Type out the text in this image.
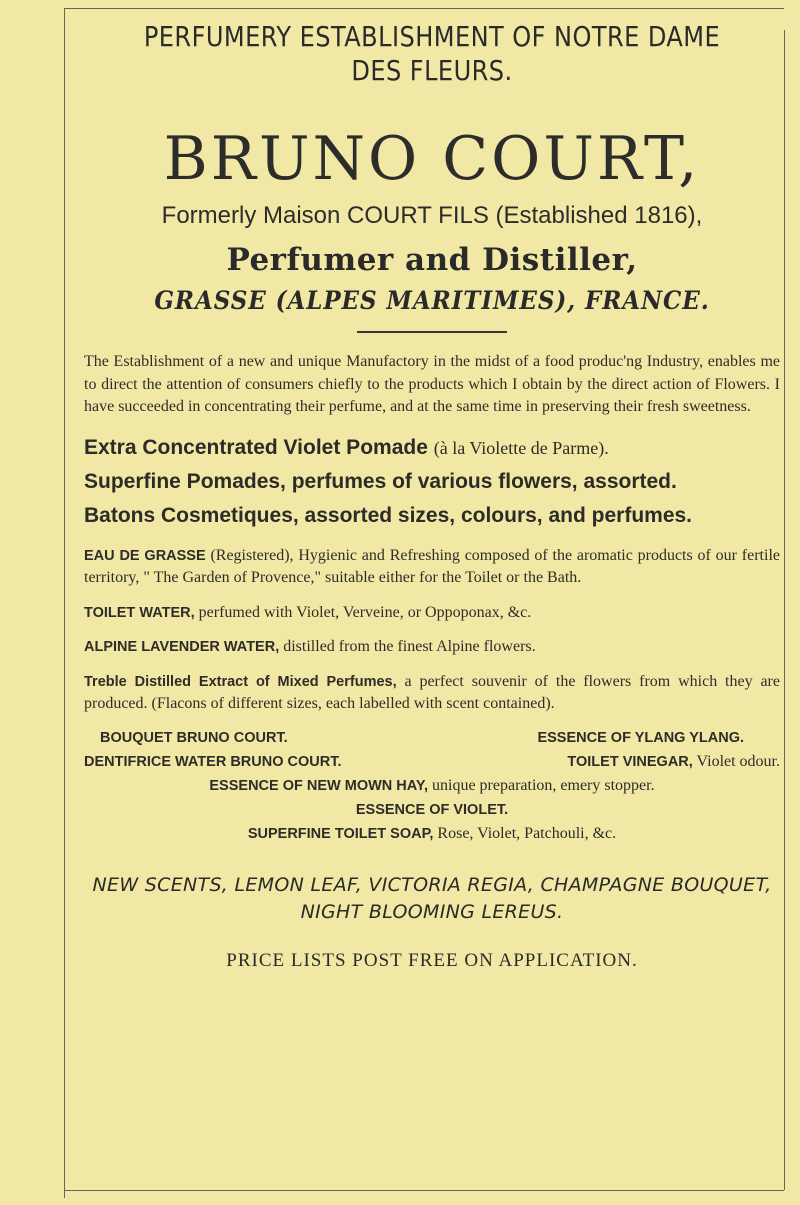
PERFUMERY ESTABLISHMENT OF NOTRE DAME
DES FLEURS.
BRUNO COURT,
Formerly Maison COURT FILS (Established 1816),
Perfumer and Distiller,
GRASSE (ALPES MARITIMES), FRANCE.
The Establishment of a new and unique Manufactory in the midst of a food produc'ng Industry, enables me to direct the attention of consumers chiefly to the products which I obtain by the direct action of Flowers. I have succeeded in concentrating their perfume, and at the same time in preserving their fresh sweetness.
Extra Concentrated Violet Pomade (à la Violette de Parme).
Superfine Pomades, perfumes of various flowers, assorted.
Batons Cosmetiques, assorted sizes, colours, and perfumes.
EAU DE GRASSE (Registered), Hygienic and Refreshing composed of the aromatic products of our fertile territory, " The Garden of Provence," suitable either for the Toilet or the Bath.
TOILET WATER, perfumed with Violet, Verveine, or Oppoponax, &c.
ALPINE LAVENDER WATER, distilled from the finest Alpine flowers.
Treble Distilled Extract of Mixed Perfumes, a perfect souvenir of the flowers from which they are produced. (Flacons of different sizes, each labelled with scent contained).
BOUQUET BRUNO COURT.	ESSENCE OF YLANG YLANG.
DENTIFRICE WATER BRUNO COURT.	TOILET VINEGAR, Violet odour.
ESSENCE OF NEW MOWN HAY, unique preparation, emery stopper.
ESSENCE OF VIOLET.
SUPERFINE TOILET SOAP, Rose, Violet, Patchouli, &c.
NEW SCENTS, LEMON LEAF, VICTORIA REGIA, CHAMPAGNE BOUQUET,
NIGHT BLOOMING LEREUS.
PRICE LISTS POST FREE ON APPLICATION.
